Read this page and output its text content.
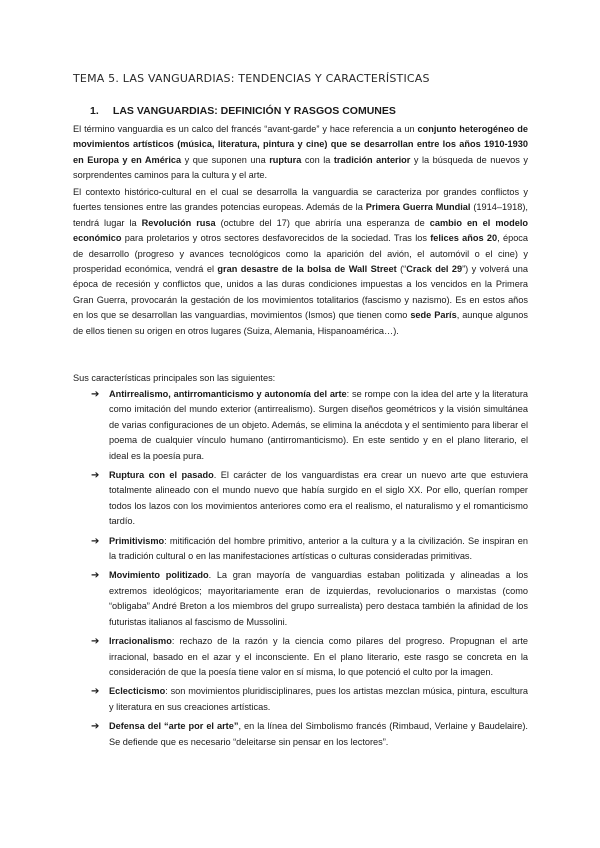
TEMA 5. LAS VANGUARDIAS: TENDENCIAS Y CARACTERÍSTICAS
1. LAS VANGUARDIAS: DEFINICIÓN Y RASGOS COMUNES
El término vanguardia es un calco del francés “avant-garde” y hace referencia a un conjunto heterogéneo de movimientos artísticos (música, literatura, pintura y cine) que se desarrollan entre los años 1910-1930 en Europa y en América y que suponen una ruptura con la tradición anterior y la búsqueda de nuevos y sorprendentes caminos para la cultura y el arte.
El contexto histórico-cultural en el cual se desarrolla la vanguardia se caracteriza por grandes conflictos y fuertes tensiones entre las grandes potencias europeas. Además de la Primera Guerra Mundial (1914–1918), tendrá lugar la Revolución rusa (octubre del 17) que abriría una esperanza de cambio en el modelo económico para proletarios y otros sectores desfavorecidos de la sociedad. Tras los felices años 20, época de desarrollo (progreso y avances tecnológicos como la aparición del avión, el automóvil o el cine) y prosperidad económica, vendrá el gran desastre de la bolsa de Wall Street (“Crack del 29”) y volverá una época de recesión y conflictos que, unidos a las duras condiciones impuestas a los vencidos en la Primera Gran Guerra, provocarán la gestación de los movimientos totalitarios (fascismo y nazismo). Es en estos años en los que se desarrollan las vanguardias, movimientos (Ismos) que tienen como sede París, aunque algunos de ellos tienen su origen en otros lugares (Suiza, Alemania, Hispanoamérica…).
Sus características principales son las siguientes:
➔ Antirrealismo, antirromanticismo y autonomía del arte: se rompe con la idea del arte y la literatura como imitación del mundo exterior (antirrealismo). Surgen diseños geométricos y la visión simultánea de varias configuraciones de un objeto. Además, se elimina la anécdota y el sentimiento para liberar el poema de cualquier vínculo humano (antirromanticismo). En este sentido y en el plano literario, el ideal es la poesía pura.
➔ Ruptura con el pasado. El carácter de los vanguardistas era crear un nuevo arte que estuviera totalmente alineado con el mundo nuevo que había surgido en el siglo XX. Por ello, querían romper todos los lazos con los movimientos anteriores como era el realismo, el naturalismo y el romanticismo tardío.
➔ Primitivismo: mitificación del hombre primitivo, anterior a la cultura y a la civilización. Se inspiran en la tradición cultural o en las manifestaciones artísticas o culturas consideradas primitivas.
➔ Movimiento politizado. La gran mayoría de vanguardias estaban politizada y alineadas a los extremos ideológicos; mayoritariamente eran de izquierdas, revolucionarios o marxistas (como “obligaba” André Breton a los miembros del grupo surrealista) pero destaca también la afinidad de los futuristas italianos al fascismo de Mussolini.
➔ Irracionalismo: rechazo de la razón y la ciencia como pilares del progreso. Propugnan el arte irracional, basado en el azar y el inconsciente. En el plano literario, este rasgo se concreta en la consideración de que la poesía tiene valor en sí misma, lo que potenció el culto por la imagen.
➔ Eclecticismo: son movimientos pluridisciplinares, pues los artistas mezclan música, pintura, escultura y literatura en sus creaciones artísticas.
➔ Defensa del “arte por el arte”, en la línea del Simbolismo francés (Rimbaud, Verlaine y Baudelaire). Se defiende que es necesario “deleitarse sin pensar en los lectores”.
